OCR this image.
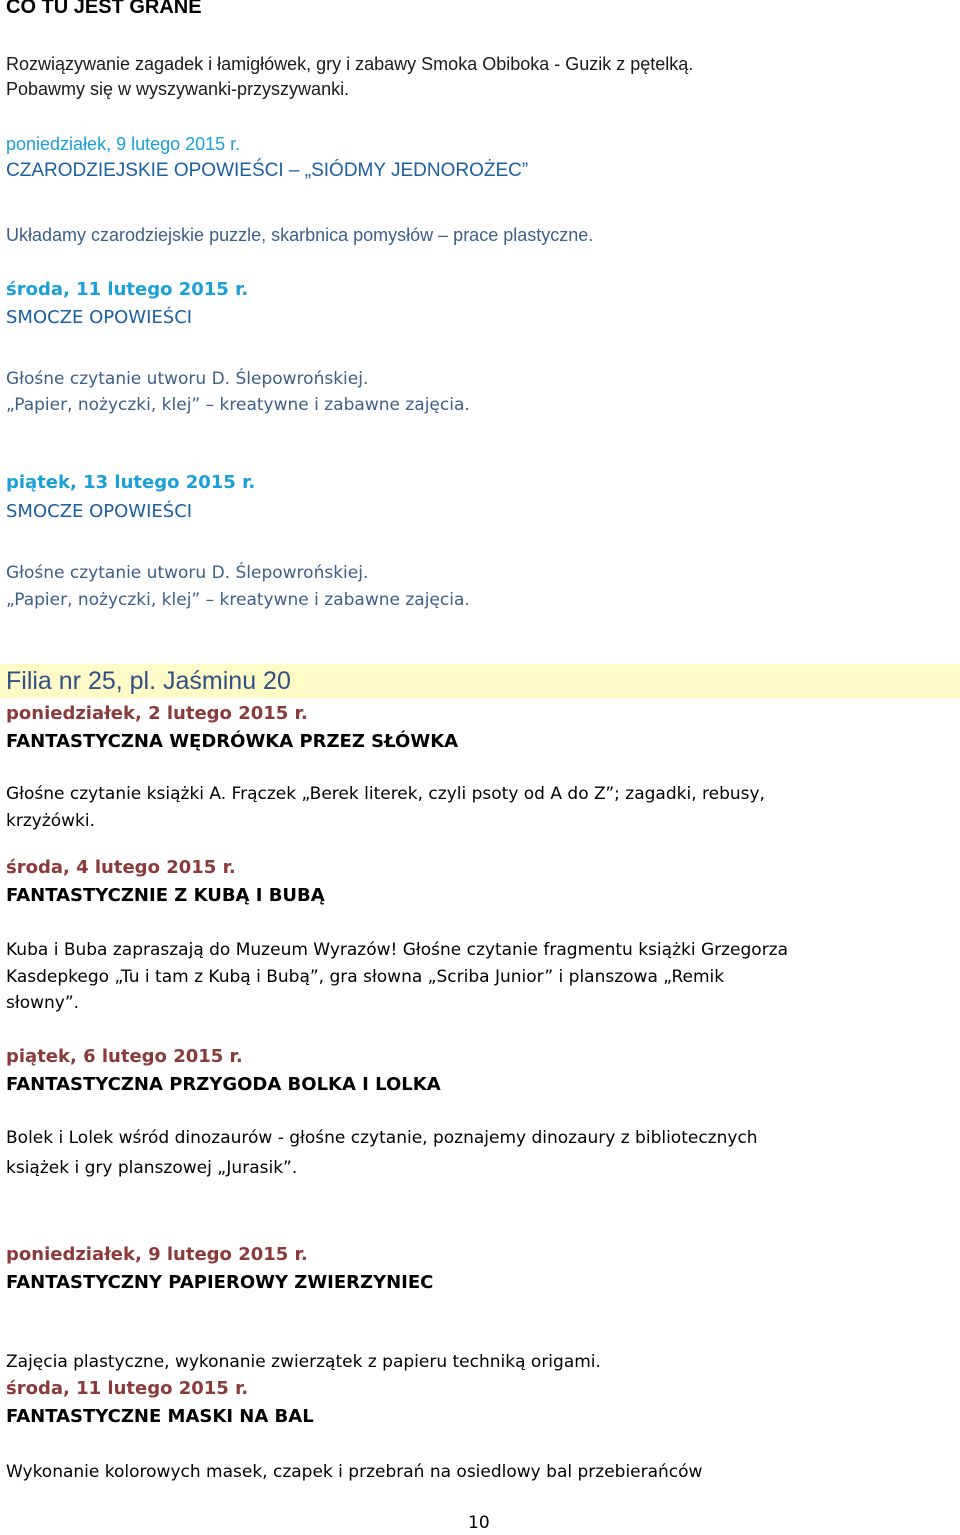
CO TU JEST GRANE

Rozwiązywanie zagadek i łamigłówek, gry i zabawy Smoka Obiboka - Guzik z pętelką.

Pobawmy się w wyszywanki-przyszywanki.

poniedziałek, 9 lutego 2015 r.

CZARODZIEJSKIE OPOWIEŚCI – „SIÓDMY JEDNOROŻEC”

Układamy czarodziejskie puzzle, skarbnica pomysłów – prace plastyczne.

środa, 11 lutego 2015 r.

SMOCZE OPOWIEŚCI

Głośne czytanie utworu D. Ślepowrońskiej.

„Papier, nożyczki, klej” – kreatywne i zabawne zajęcia.

piątek, 13 lutego 2015 r.

SMOCZE OPOWIEŚCI

Głośne czytanie utworu D. Ślepowrońskiej.

„Papier, nożyczki, klej” – kreatywne i zabawne zajęcia.

Filia nr 25, pl. Jaśminu 20

poniedziałek, 2 lutego 2015 r.

FANTASTYCZNA WĘDRÓWKA PRZEZ SŁÓWKA

Głośne czytanie książki A. Frączek „Berek literek, czyli psoty od A do Z”; zagadki, rebusy,

krzyżówki.

środa, 4 lutego 2015 r.

FANTASTYCZNIE Z KUBĄ I BUBĄ

Kuba i Buba zapraszają do Muzeum Wyrazów! Głośne czytanie fragmentu książki Grzegorza

Kasdepkego „Tu i tam z Kubą i Bubą”, gra słowna „Scriba Junior” i planszowa „Remik

słowny”.

piątek, 6 lutego 2015 r.

FANTASTYCZNA PRZYGODA BOLKA I LOLKA

Bolek i Lolek wśród dinozaurów - głośne czytanie, poznajemy dinozaury z bibliotecznych

książek i gry planszowej „Jurasik”.

poniedziałek, 9 lutego 2015 r.

FANTASTYCZNY PAPIEROWY ZWIERZYNIEC

Zajęcia plastyczne, wykonanie zwierzątek z papieru techniką origami.

środa, 11 lutego 2015 r.

FANTASTYCZNE MASKI NA BAL

Wykonanie kolorowych masek, czapek i przebrań na osiedlowy bal przebierańców

10
